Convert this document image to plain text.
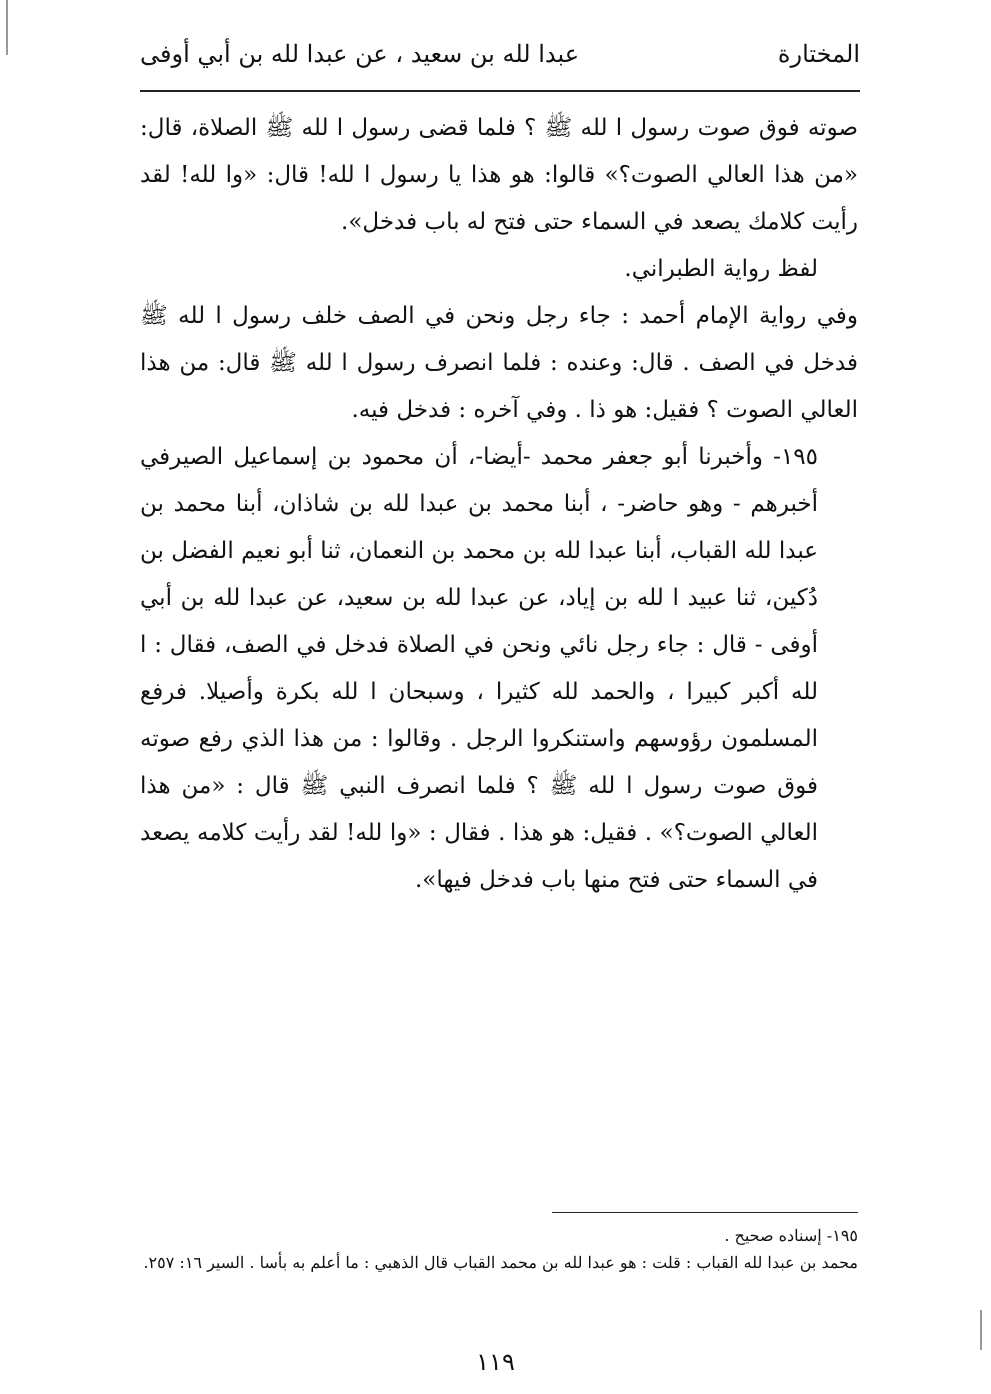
المختارة
عبدا لله بن سعيد ، عن عبدا لله بن أبي أوفى

صوته فوق صوت رسول ا لله ﷺ ؟ فلما قضى رسول ا لله ﷺ الصلاة، قال: «من هذا العالي الصوت؟» قالوا: هو هذا يا رسول ا لله! قال: «وا لله! لقد رأيت كلامك يصعد في السماء حتى فتح له باب فدخل».

لفظ رواية الطبراني.

وفي رواية الإمام أحمد : جاء رجل ونحن في الصف خلف رسول ا لله ﷺ فدخل في الصف . قال: وعنده : فلما انصرف رسول ا لله ﷺ قال: من هذا العالي الصوت ؟ فقيل: هو ذا . وفي آخره : فدخل فيه.

١٩٥- وأخبرنا أبو جعفر محمد -أيضا-، أن محمود بن إسماعيل الصيرفي أخبرهم - وهو حاضر- ، أبنا محمد بن عبدا لله بن شاذان، أبنا محمد بن عبدا لله القباب، أبنا عبدا لله بن محمد بن النعمان، ثنا أبو نعيم الفضل بن دُكين، ثنا عبيد ا لله بن إياد، عن عبدا لله بن سعيد، عن عبدا لله بن أبي أوفى - قال : جاء رجل نائي ونحن في الصلاة فدخل في الصف، فقال : ا لله أكبر كبيرا ، والحمد لله كثيرا ، وسبحان ا لله بكرة وأصيلا. فرفع المسلمون رؤوسهم واستنكروا الرجل . وقالوا : من هذا الذي رفع صوته فوق صوت رسول ا لله ﷺ ؟ فلما انصرف النبي ﷺ قال : «من هذا العالي الصوت؟» . فقيل: هو هذا . فقال : «وا لله! لقد رأيت كلامه يصعد في السماء حتى فتح منها باب فدخل فيها».

١٩٥- إسناده صحيح .

محمد بن عبدا لله القباب : قلت : هو عبدا لله بن محمد القباب قال الذهبي : ما أعلم به بأسا . السير ١٦: ٢٥٧.

١١٩
